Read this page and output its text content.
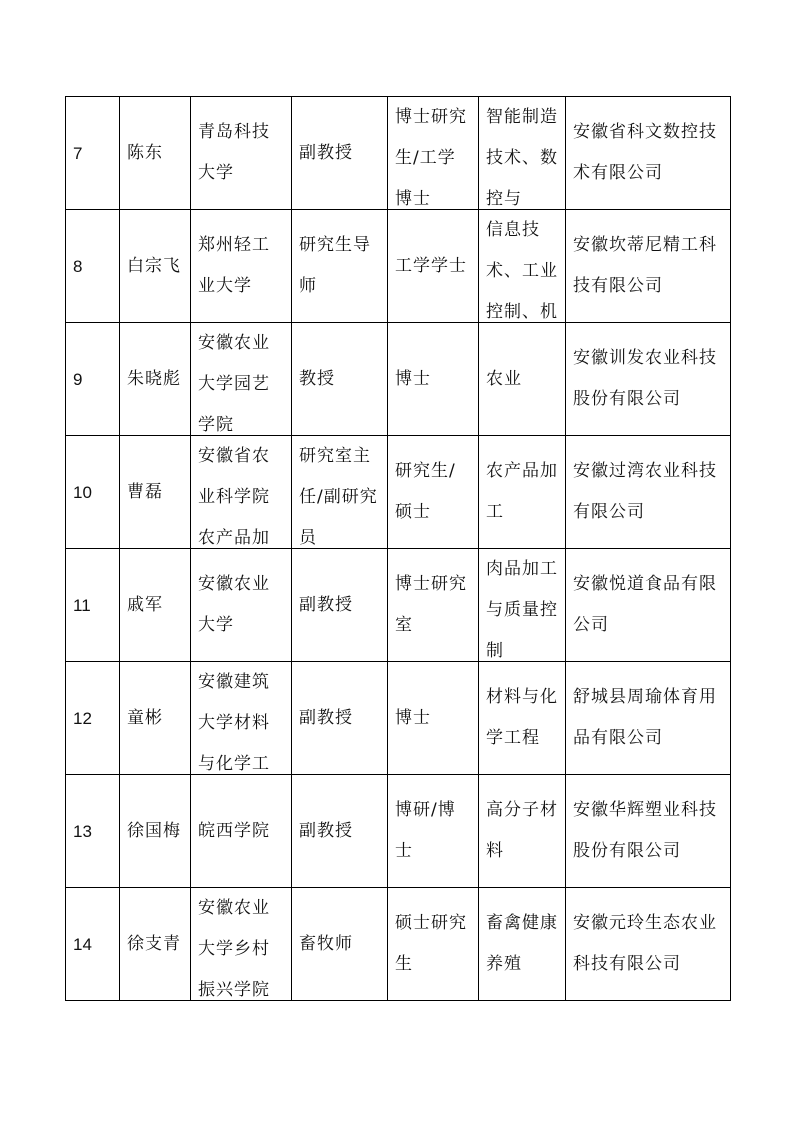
7	陈东	青岛科技大学	副教授	博士研究生/工学博士	智能制造技术、数控与	安徽省科文数控技术有限公司

8	白宗飞	郑州轻工业大学	研究生导师	工学学士	信息技术、工业控制、机	安徽坎蒂尼精工科技有限公司

9	朱晓彪	安徽农业大学园艺学院	教授	博士	农业	安徽训发农业科技股份有限公司

10	曹磊	安徽省农业科学院农产品加	研究室主任/副研究员	研究生/硕士	农产品加工	安徽过湾农业科技有限公司

11	戚军	安徽农业大学	副教授	博士研究室	肉品加工与质量控制	安徽悦道食品有限公司

12	童彬	安徽建筑大学材料与化学工	副教授	博士	材料与化学工程	舒城县周瑜体育用品有限公司

13	徐国梅	皖西学院	副教授	博研/博士	高分子材料	安徽华辉塑业科技股份有限公司

14	徐支青	安徽农业大学乡村振兴学院	畜牧师	硕士研究生	畜禽健康养殖	安徽元玲生态农业科技有限公司
